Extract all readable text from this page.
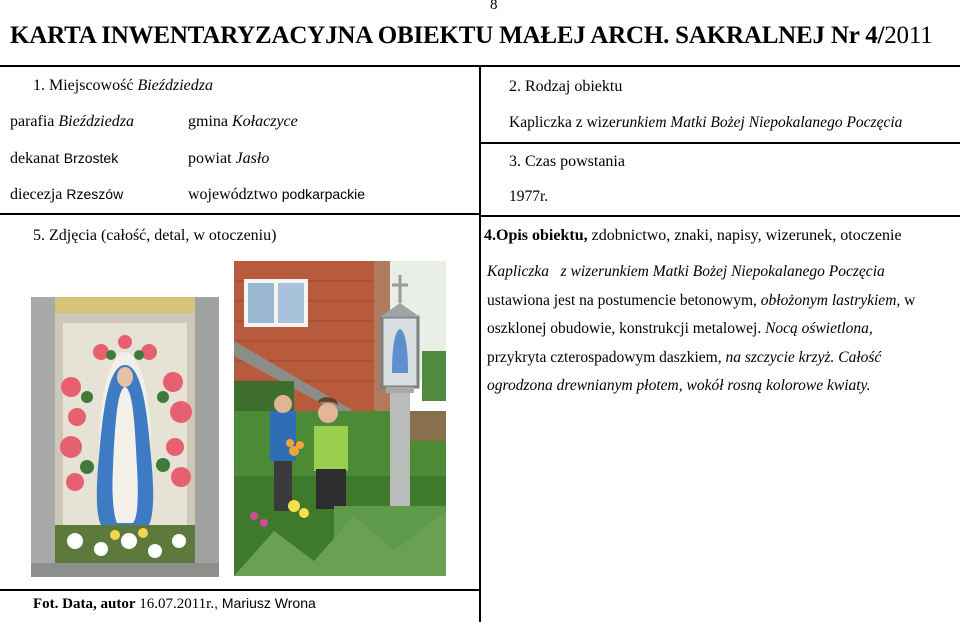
8
KARTA INWENTARYZACYJNA OBIEKTU MAŁEJ ARCH. SAKRALNEJ Nr 4/2011
1. Miejscowość Bieździedza
parafia Bieździedza	gmina Kołaczyce
dekanat Brzostek	powiat Jasło
diecezja Rzeszów	województwo podkarpackie
5. Zdjęcia (całość, detal, w otoczeniu)
Fot. Data, autor 16.07.2011r., Mariusz Wrona
2. Rodzaj obiektu
Kapliczka z wizerunkiem Matki Bożej Niepokalanego Poczęcia
3. Czas powstania
1977r.
4.Opis obiektu, zdobnictwo, znaki, napisy, wizerunek, otoczenie

Kapliczka   z wizerunkiem Matki Bożej Niepokalanego Poczęcia

ustawiona jest na postumencie betonowym, obłożonym lastrykiem, w

oszklonej obudowie, konstrukcji metalowej. Nocą oświetlona,

przykryta czterospadowym daszkiem, na szczycie krzyż. Całość

ogrodzona drewnianym płotem, wokół rosną kolorowe kwiaty.
